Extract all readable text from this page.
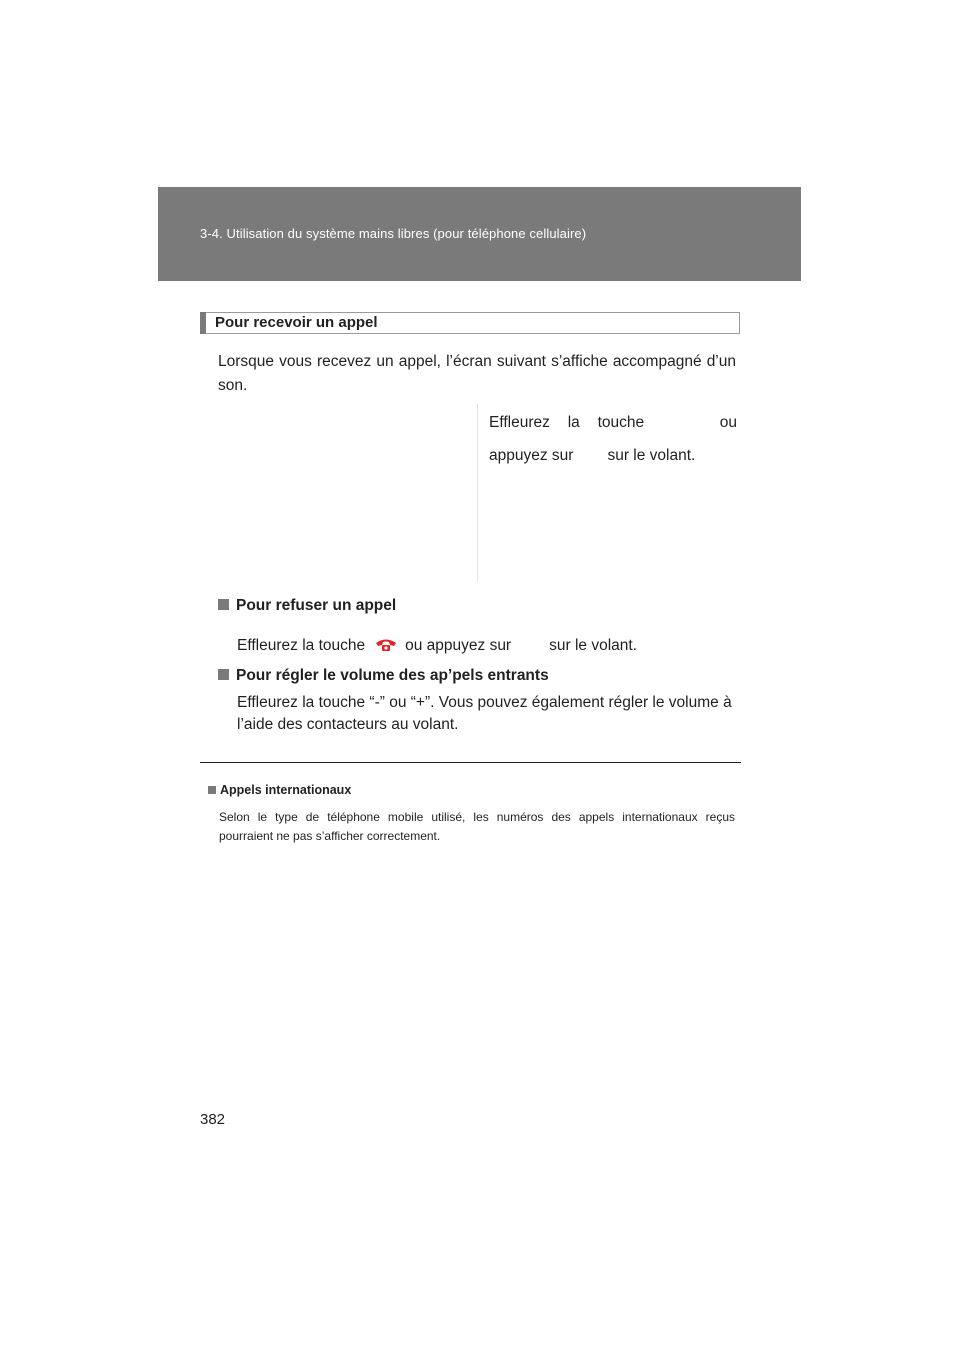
3-4. Utilisation du système mains libres (pour téléphone cellulaire)
Pour recevoir un appel
Lorsque vous recevez un appel, l’écran suivant s’affiche accompagné d’un son.
Effleurez la touche	ou
appuyez sur sur le volant.
Pour refuser un appel
Effleurez la touche	ou appuyez sur sur le volant.
Pour régler le volume des ap’pels entrants
Effleurez la touche “-” ou “+”. Vous pouvez également régler le volume à l’aide des contacteurs au volant.
Appels internationaux
Selon le type de téléphone mobile utilisé, les numéros des appels internationaux reçus pourraient ne pas s’afficher correctement.
382
